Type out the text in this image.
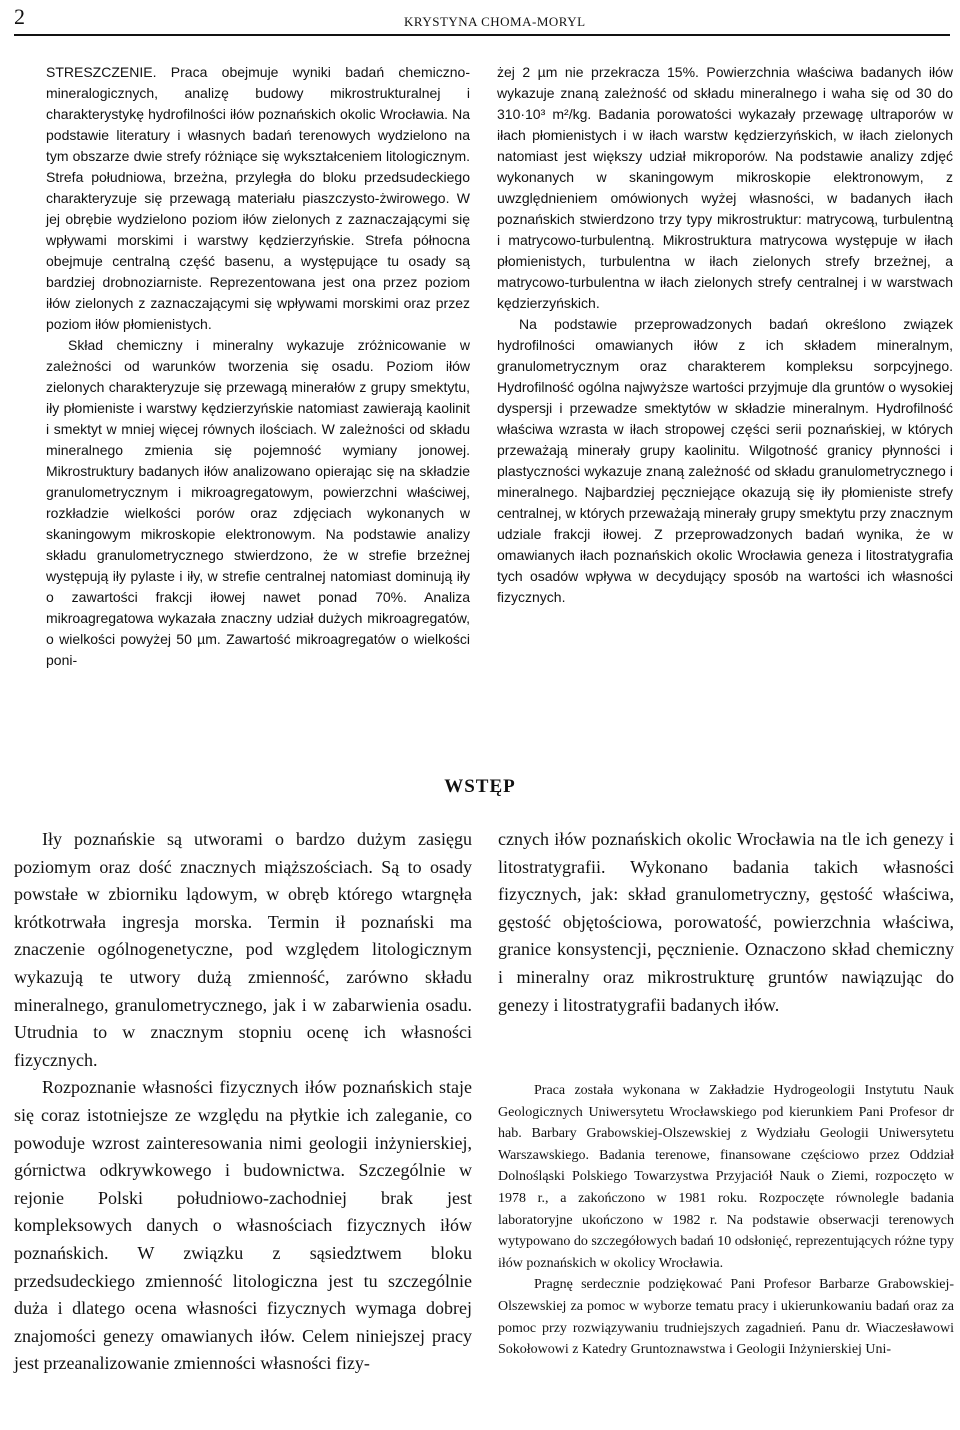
2	KRYSTYNA CHOMA-MORYL

STRESZCZENIE. Praca obejmuje wyniki badań chemiczno-mineralogicznych, analizę budowy mikrostrukturalnej i charakterystykę hydrofilności iłów poznańskich okolic Wrocławia. Na podstawie literatury i własnych badań terenowych wydzielono na tym obszarze dwie strefy różniące się wykształceniem litologicznym. Strefa południowa, brzeżna, przyległa do bloku przedsudeckiego charakteryzuje się przewagą materiału piaszczysto-żwirowego. W jej obrębie wydzielono poziom iłów zielonych z zaznaczającymi się wpływami morskimi i warstwy kędzierzyńskie. Strefa północna obejmuje centralną część basenu, a występujące tu osady są bardziej drobnoziarniste. Reprezentowana jest ona przez poziom iłów zielonych z zaznaczającymi się wpływami morskimi oraz przez poziom iłów płomienistych.

Skład chemiczny i mineralny wykazuje zróżnicowanie w zależności od warunków tworzenia się osadu. Poziom iłów zielonych charakteryzuje się przewagą minerałów z grupy smektytu, iły płomieniste i warstwy kędzierzyńskie natomiast zawierają kaolinit i smektyt w mniej więcej równych ilościach. W zależności od składu mineralnego zmienia się pojemność wymiany jonowej. Mikrostruktury badanych iłów analizowano opierając się na składzie granulometrycznym i mikroagregatowym, powierzchni właściwej, rozkładzie wielkości porów oraz zdjęciach wykonanych w skaningowym mikroskopie elektronowym. Na podstawie analizy składu granulometrycznego stwierdzono, że w strefie brzeżnej występują iły pylaste i iły, w strefie centralnej natomiast dominują iły o zawartości frakcji iłowej nawet ponad 70%. Analiza mikroagregatowa wykazała znaczny udział dużych mikroagregatów, o wielkości powyżej 50 µm. Zawartość mikroagregatów o wielkości poni-

żej 2 µm nie przekracza 15%. Powierzchnia właściwa badanych iłów wykazuje znaną zależność od składu mineralnego i waha się od 30 do 310·10³ m²/kg. Badania porowatości wykazały przewagę ultraporów w iłach płomienistych i w iłach warstw kędzierzyńskich, w iłach zielonych natomiast jest większy udział mikroporów. Na podstawie analizy zdjęć wykonanych w skaningowym mikroskopie elektronowym, z uwzględnieniem omówionych wyżej własności, w badanych iłach poznańskich stwierdzono trzy typy mikrostruktur: matrycową, turbulentną i matrycowo-turbulentną. Mikrostruktura matrycowa występuje w iłach płomienistych, turbulentna w iłach zielonych strefy brzeżnej, a matrycowo-turbulentna w iłach zielonych strefy centralnej i w warstwach kędzierzyńskich.

Na podstawie przeprowadzonych badań określono związek hydrofilności omawianych iłów z ich składem mineralnym, granulometrycznym oraz charakterem kompleksu sorpcyjnego. Hydrofilność ogólna najwyższe wartości przyjmuje dla gruntów o wysokiej dyspersji i przewadze smektytów w składzie mineralnym. Hydrofilność właściwa wzrasta w iłach stropowej części serii poznańskiej, w których przeważają minerały grupy kaolinitu. Wilgotność granicy płynności i plastyczności wykazuje znaną zależność od składu granulometrycznego i mineralnego. Najbardziej pęczniejące okazują się iły płomieniste strefy centralnej, w których przeważają minerały grupy smektytu przy znacznym udziale frakcji iłowej. Z przeprowadzonych badań wynika, że w omawianych iłach poznańskich okolic Wrocławia geneza i litostratygrafia tych osadów wpływa w decydujący sposób na wartości ich własności fizycznych.

WSTĘP

Iły poznańskie są utworami o bardzo dużym zasięgu poziomym oraz dość znacznych miąższościach. Są to osady powstałe w zbiorniku lądowym, w obręb którego wtargnęła krótkotrwała ingresja morska. Termin ił poznański ma znaczenie ogólnogenetyczne, pod względem litologicznym wykazują te utwory dużą zmienność, zarówno składu mineralnego, granulometrycznego, jak i w zabarwienia osadu. Utrudnia to w znacznym stopniu ocenę ich własności fizycznych.

Rozpoznanie własności fizycznych iłów poznańskich staje się coraz istotniejsze ze względu na płytkie ich zaleganie, co powoduje wzrost zainteresowania nimi geologii inżynierskiej, górnictwa odkrywkowego i budownictwa. Szczególnie w rejonie Polski południowo-zachodniej brak jest kompleksowych danych o własnościach fizycznych iłów poznańskich. W związku z sąsiedztwem bloku przedsudeckiego zmienność litologiczna jest tu szczególnie duża i dlatego ocena własności fizycznych wymaga dobrej znajomości genezy omawianych iłów. Celem niniejszej pracy jest przeanalizowanie zmienności własności fizy-

cznych iłów poznańskich okolic Wrocławia na tle ich genezy i litostratygrafii. Wykonano badania takich własności fizycznych, jak: skład granulometryczny, gęstość właściwa, gęstość objętościowa, porowatość, powierzchnia właściwa, granice konsystencji, pęcznienie. Oznaczono skład chemiczny i mineralny oraz mikrostrukturę gruntów nawiązując do genezy i litostratygrafii badanych iłów.

Praca została wykonana w Zakładzie Hydrogeologii Instytutu Nauk Geologicznych Uniwersytetu Wrocławskiego pod kierunkiem Pani Profesor dr hab. Barbary Grabowskiej-Olszewskiej z Wydziału Geologii Uniwersytetu Warszawskiego. Badania terenowe, finansowane częściowo przez Oddział Dolnośląski Polskiego Towarzystwa Przyjaciół Nauk o Ziemi, rozpoczęto w 1978 r., a zakończono w 1981 roku. Rozpoczęte równolegle badania laboratoryjne ukończono w 1982 r. Na podstawie obserwacji terenowych wytypowano do szczegółowych badań 10 odsłonięć, reprezentujących różne typy iłów poznańskich w okolicy Wrocławia.

Pragnę serdecznie podziękować Pani Profesor Barbarze Grabowskiej-Olszewskiej za pomoc w wyborze tematu pracy i ukierunkowaniu badań oraz za pomoc przy rozwiązywaniu trudniejszych zagadnień. Panu dr. Wiaczesławowi Sokołowowi z Katedry Gruntoznawstwa i Geologii Inżynierskiej Uni-
